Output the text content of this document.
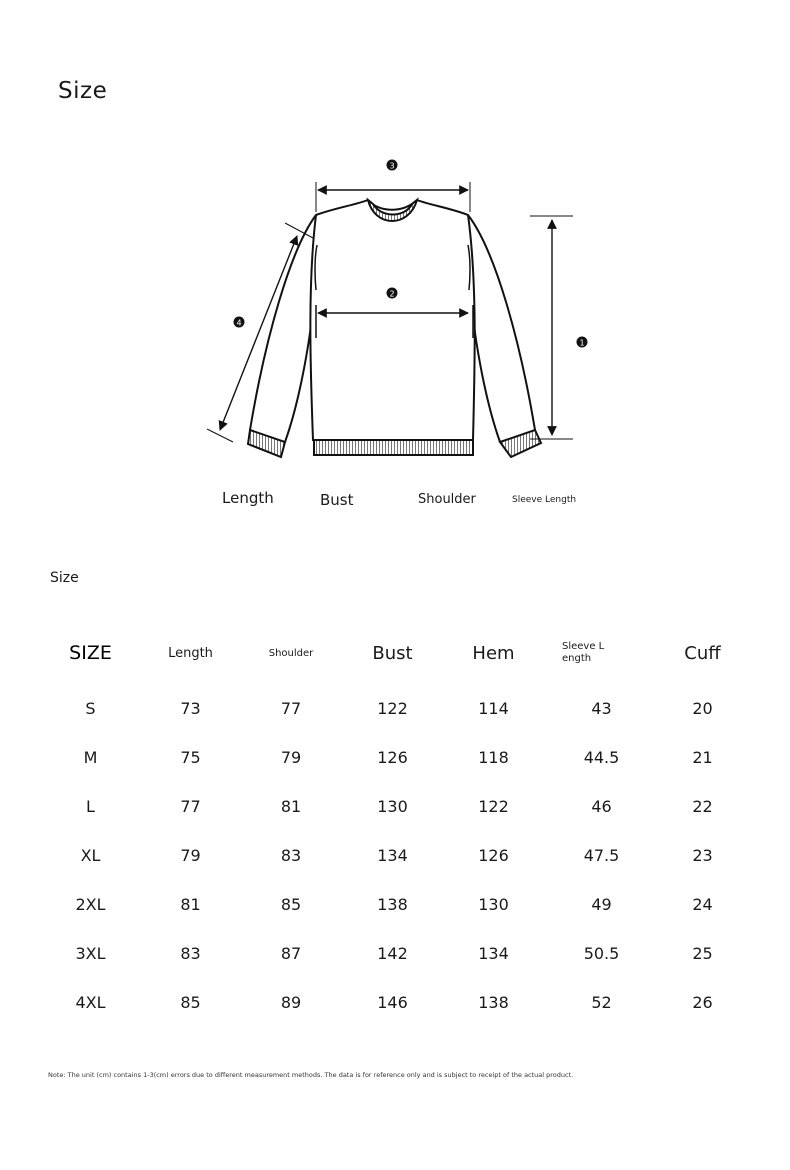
Size
3
2
1
4
Length	Bust	Shoulder	Sleeve Length
Size
SIZE	Length	Shoulder	Bust	Hem	Sleeve Length	Cuff
S	73	77	122	114	43	20
M	75	79	126	118	44.5	21
L	77	81	130	122	46	22
XL	79	83	134	126	47.5	23
2XL	81	85	138	130	49	24
3XL	83	87	142	134	50.5	25
4XL	85	89	146	138	52	26
Note: The unit (cm) contains 1-3(cm) errors due to different measurement methods. The data is for reference only and is subject to receipt of the actual product.
